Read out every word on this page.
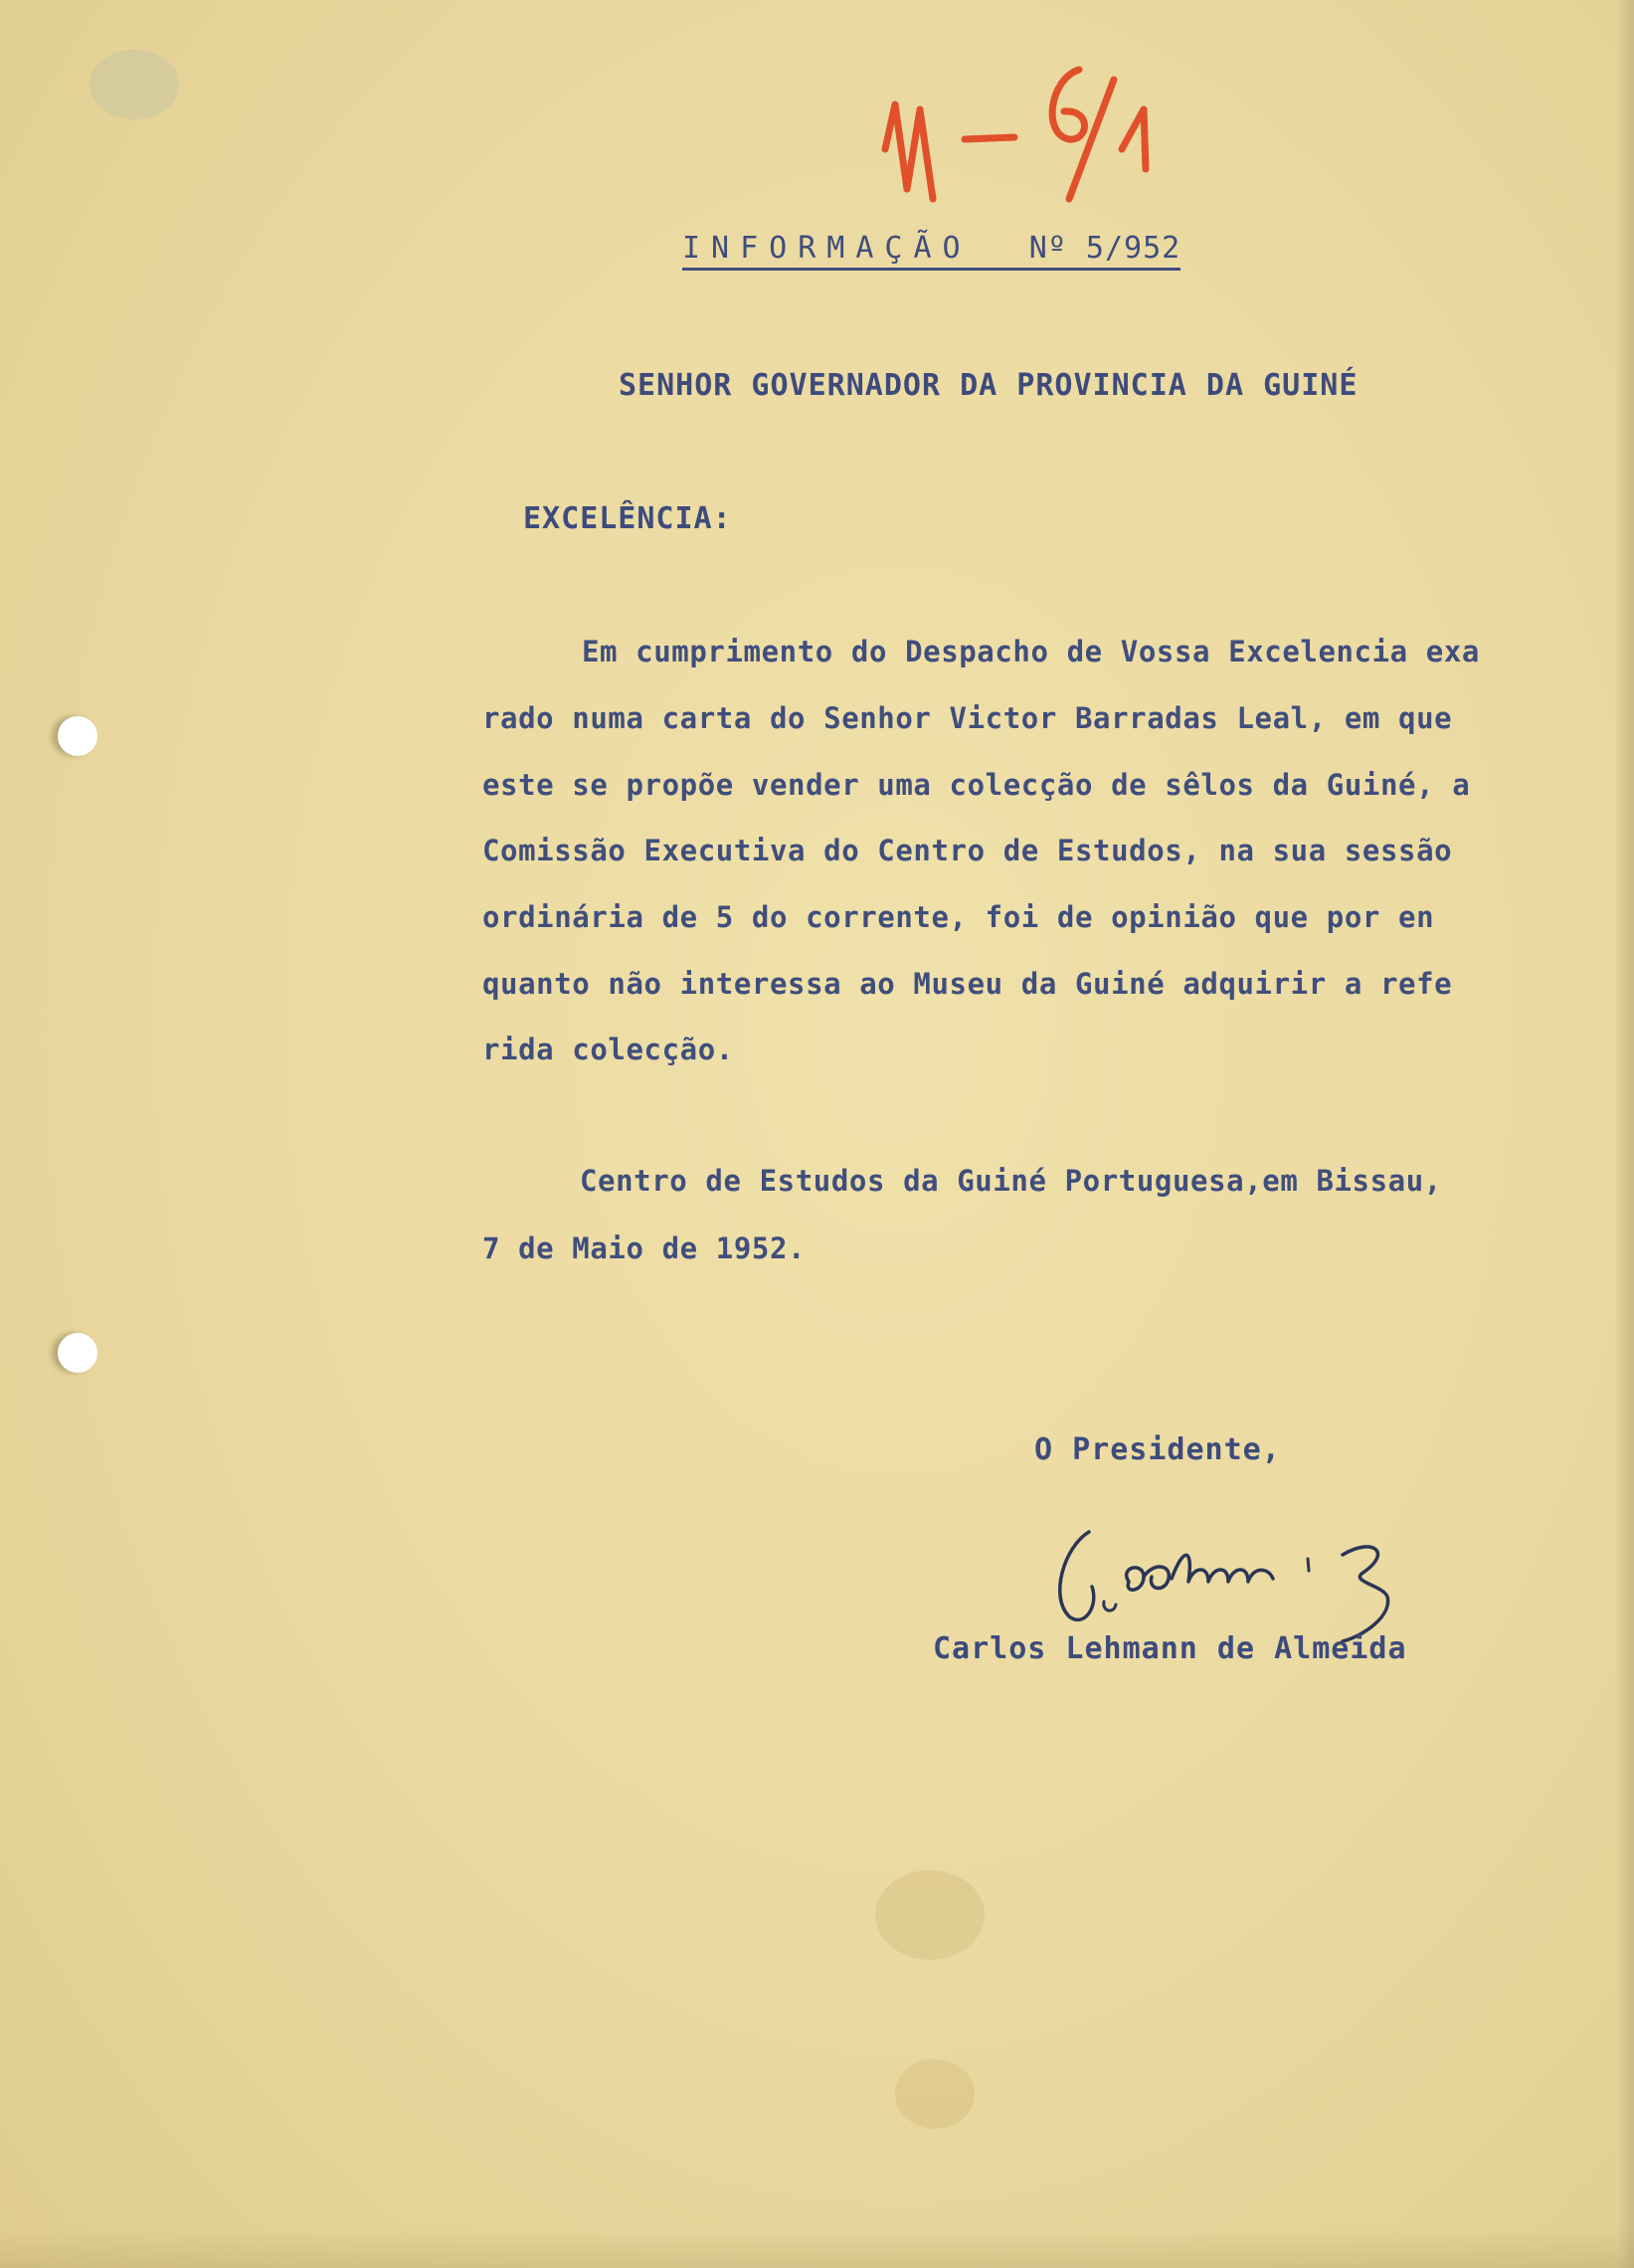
INFORMAÇÃO Nº 5/952
SENHOR GOVERNADOR DA PROVINCIA DA GUINÉ
EXCELÊNCIA:
Em cumprimento do Despacho de Vossa Excelencia exa
rado numa carta do Senhor Victor Barradas Leal, em que
este se propõe vender uma colecção de sêlos da Guiné, a
Comissão Executiva do Centro de Estudos, na sua sessão
ordinária de 5 do corrente, foi de opinião que por en
quanto não interessa ao Museu da Guiné adquirir a refe
rida colecção.
Centro de Estudos da Guiné Portuguesa,em Bissau,
7 de Maio de 1952.
O Presidente,
Carlos Lehmann de Almeida
